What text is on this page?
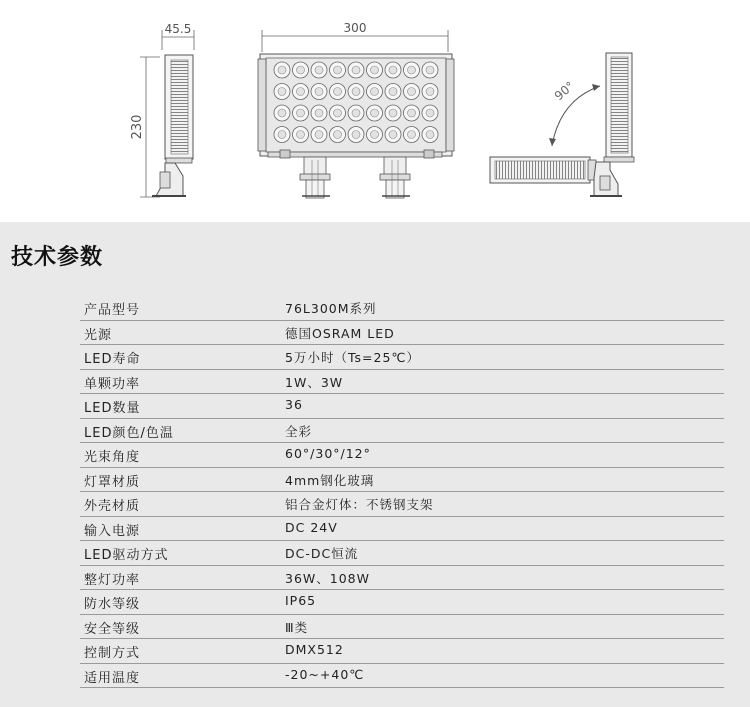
45.5
230
300
90°
技术参数
产品型号	76L300M系列
光源	德国OSRAM LED
LED寿命	5万小时（Ts=25℃）
单颗功率	1W、3W
LED数量	36
LED颜色/色温	全彩
光束角度	60°/30°/12°
灯罩材质	4mm钢化玻璃
外壳材质	铝合金灯体：不锈钢支架
输入电源	DC 24V
LED驱动方式	DC-DC恒流
整灯功率	36W、108W
防水等级	IP65
安全等级	Ⅲ类
控制方式	DMX512
适用温度	-20~+40℃
